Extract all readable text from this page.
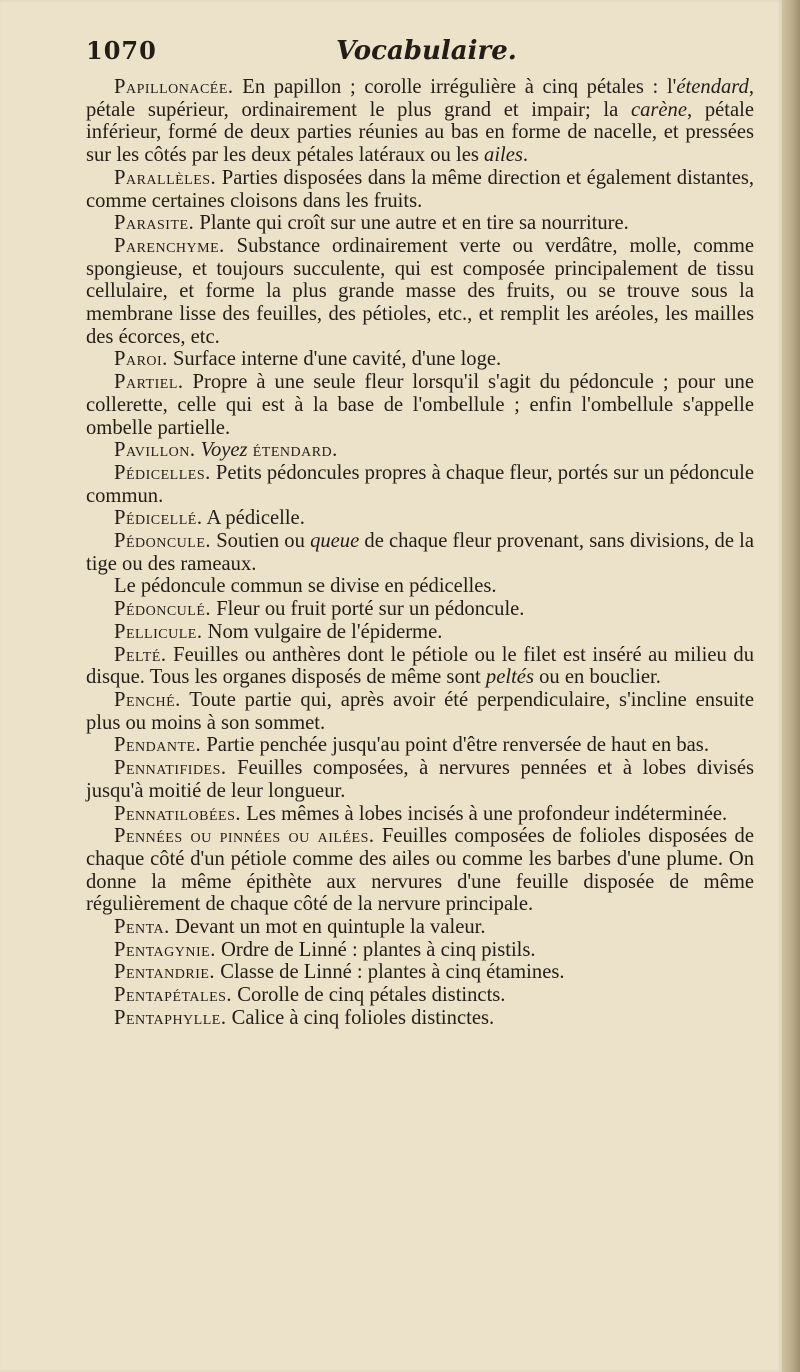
1070	Vocabulaire.

Papillonacée. En papillon ; corolle irrégulière à cinq pétales : l'étendard, pétale supérieur, ordinairement le plus grand et impair; la carène, pétale inférieur, formé de deux parties réunies au bas en forme de nacelle, et pressées sur les côtés par les deux pétales latéraux ou les ailes.

Parallèles. Parties disposées dans la même direction et également distantes, comme certaines cloisons dans les fruits.

Parasite. Plante qui croît sur une autre et en tire sa nourriture.

Parenchyme. Substance ordinairement verte ou verdâtre, molle, comme spongieuse, et toujours succulente, qui est composée principalement de tissu cellulaire, et forme la plus grande masse des fruits, ou se trouve sous la membrane lisse des feuilles, des pétioles, etc., et remplit les aréoles, les mailles des écorces, etc.

Paroi. Surface interne d'une cavité, d'une loge.

Partiel. Propre à une seule fleur lorsqu'il s'agit du pédoncule ; pour une collerette, celle qui est à la base de l'ombellule ; enfin l'ombellule s'appelle ombelle partielle.

Pavillon. Voyez étendard.

Pédicelles. Petits pédoncules propres à chaque fleur, portés sur un pédoncule commun.

Pédicellé. A pédicelle.

Pédoncule. Soutien ou queue de chaque fleur provenant, sans divisions, de la tige ou des rameaux.

Le pédoncule commun se divise en pédicelles.

Pédonculé. Fleur ou fruit porté sur un pédoncule.

Pellicule. Nom vulgaire de l'épiderme.

Pelté. Feuilles ou anthères dont le pétiole ou le filet est inséré au milieu du disque. Tous les organes disposés de même sont peltés ou en bouclier.

Penché. Toute partie qui, après avoir été perpendiculaire, s'incline ensuite plus ou moins à son sommet.

Pendante. Partie penchée jusqu'au point d'être renversée de haut en bas.

Pennatifides. Feuilles composées, à nervures pennées et à lobes divisés jusqu'à moitié de leur longueur.

Pennatilobées. Les mêmes à lobes incisés à une profondeur indéterminée.

Pennées ou pinnées ou ailées. Feuilles composées de folioles disposées de chaque côté d'un pétiole comme des ailes ou comme les barbes d'une plume. On donne la même épithète aux nervures d'une feuille disposée de même régulièrement de chaque côté de la nervure principale.

Penta. Devant un mot en quintuple la valeur.

Pentagynie. Ordre de Linné : plantes à cinq pistils.

Pentandrie. Classe de Linné : plantes à cinq étamines.

Pentapétales. Corolle de cinq pétales distincts.

Pentaphylle. Calice à cinq folioles distinctes.
